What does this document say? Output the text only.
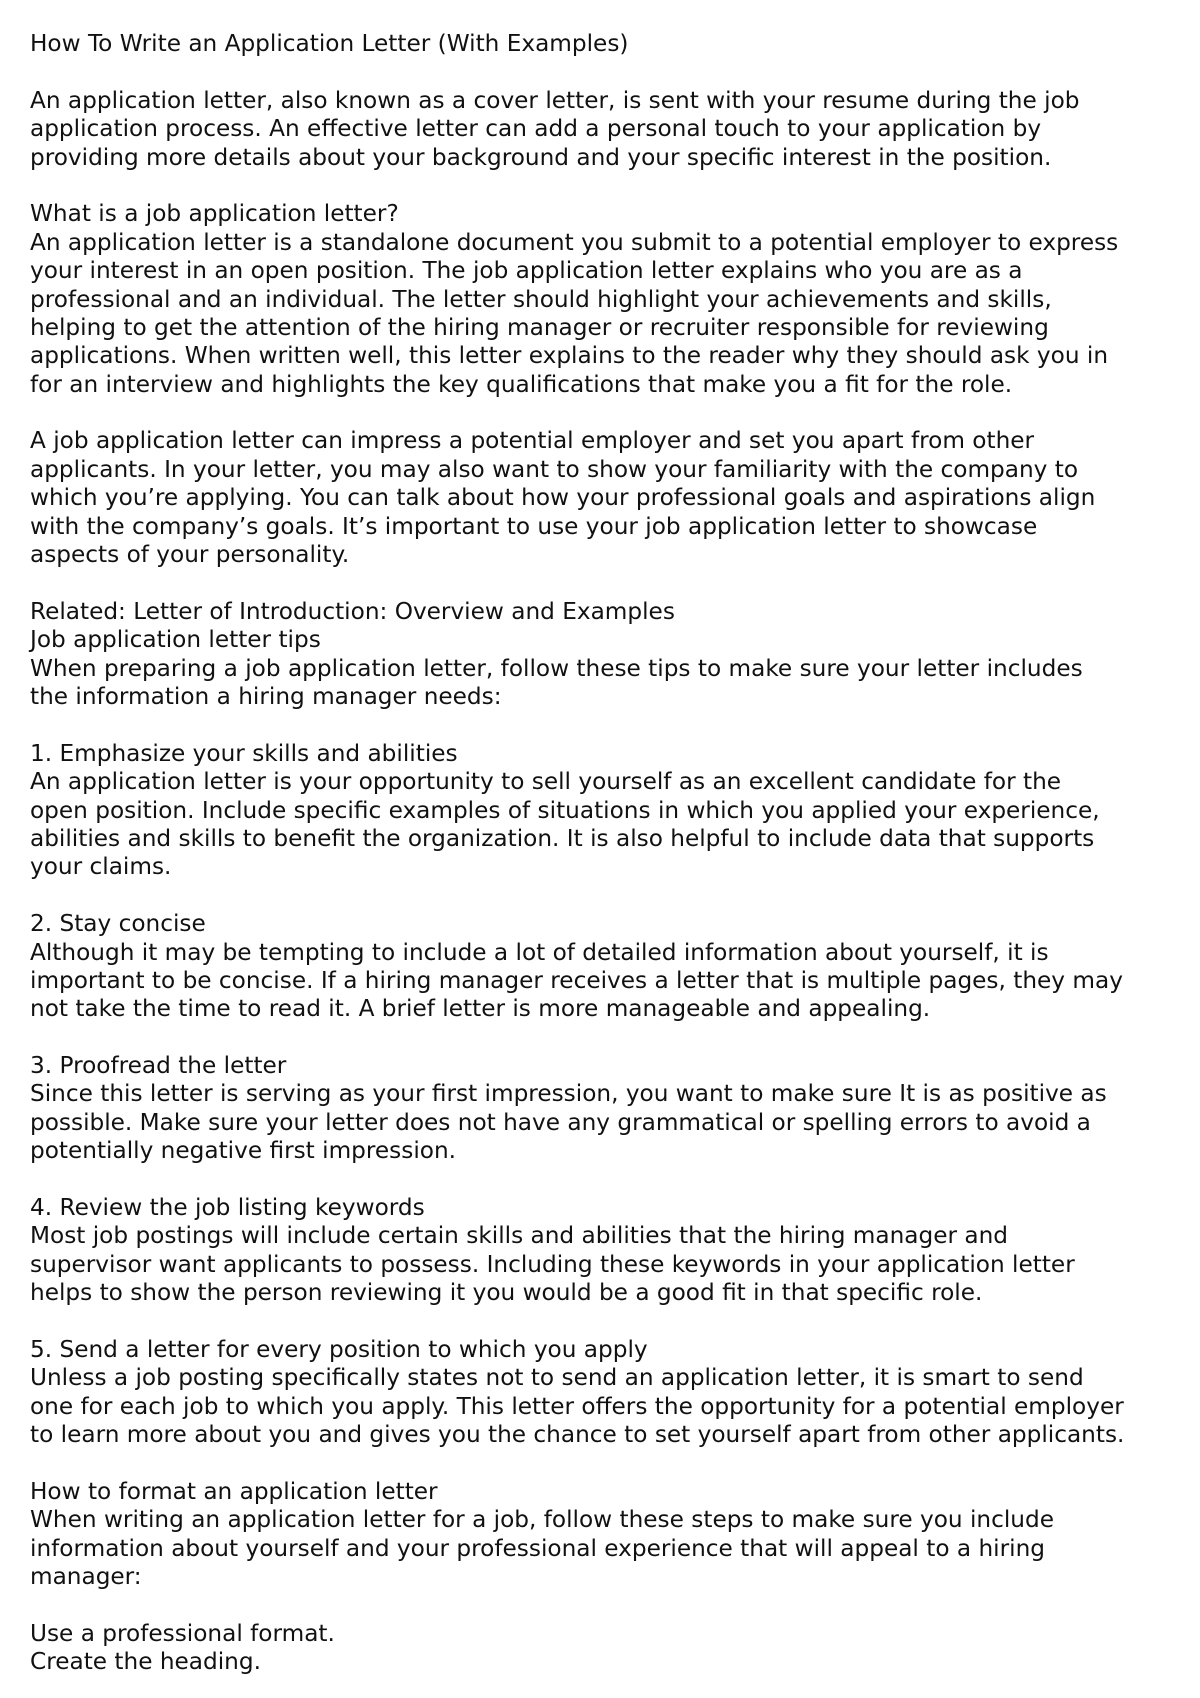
How To Write an Application Letter (With Examples)
An application letter, also known as a cover letter, is sent with your resume during the job
application process. An effective letter can add a personal touch to your application by
providing more details about your background and your specific interest in the position.
What is a job application letter?
An application letter is a standalone document you submit to a potential employer to express
your interest in an open position. The job application letter explains who you are as a
professional and an individual. The letter should highlight your achievements and skills,
helping to get the attention of the hiring manager or recruiter responsible for reviewing
applications. When written well, this letter explains to the reader why they should ask you in
for an interview and highlights the key qualifications that make you a fit for the role.
A job application letter can impress a potential employer and set you apart from other
applicants. In your letter, you may also want to show your familiarity with the company to
which you’re applying. You can talk about how your professional goals and aspirations align
with the company’s goals. It’s important to use your job application letter to showcase
aspects of your personality.
Related: Letter of Introduction: Overview and Examples
Job application letter tips
When preparing a job application letter, follow these tips to make sure your letter includes
the information a hiring manager needs:
1. Emphasize your skills and abilities
An application letter is your opportunity to sell yourself as an excellent candidate for the
open position. Include specific examples of situations in which you applied your experience,
abilities and skills to benefit the organization. It is also helpful to include data that supports
your claims.
2. Stay concise
Although it may be tempting to include a lot of detailed information about yourself, it is
important to be concise. If a hiring manager receives a letter that is multiple pages, they may
not take the time to read it. A brief letter is more manageable and appealing.
3. Proofread the letter
Since this letter is serving as your first impression, you want to make sure It is as positive as
possible. Make sure your letter does not have any grammatical or spelling errors to avoid a
potentially negative first impression.
4. Review the job listing keywords
Most job postings will include certain skills and abilities that the hiring manager and
supervisor want applicants to possess. Including these keywords in your application letter
helps to show the person reviewing it you would be a good fit in that specific role.
5. Send a letter for every position to which you apply
Unless a job posting specifically states not to send an application letter, it is smart to send
one for each job to which you apply. This letter offers the opportunity for a potential employer
to learn more about you and gives you the chance to set yourself apart from other applicants.
How to format an application letter
When writing an application letter for a job, follow these steps to make sure you include
information about yourself and your professional experience that will appeal to a hiring
manager:
Use a professional format.
Create the heading.
